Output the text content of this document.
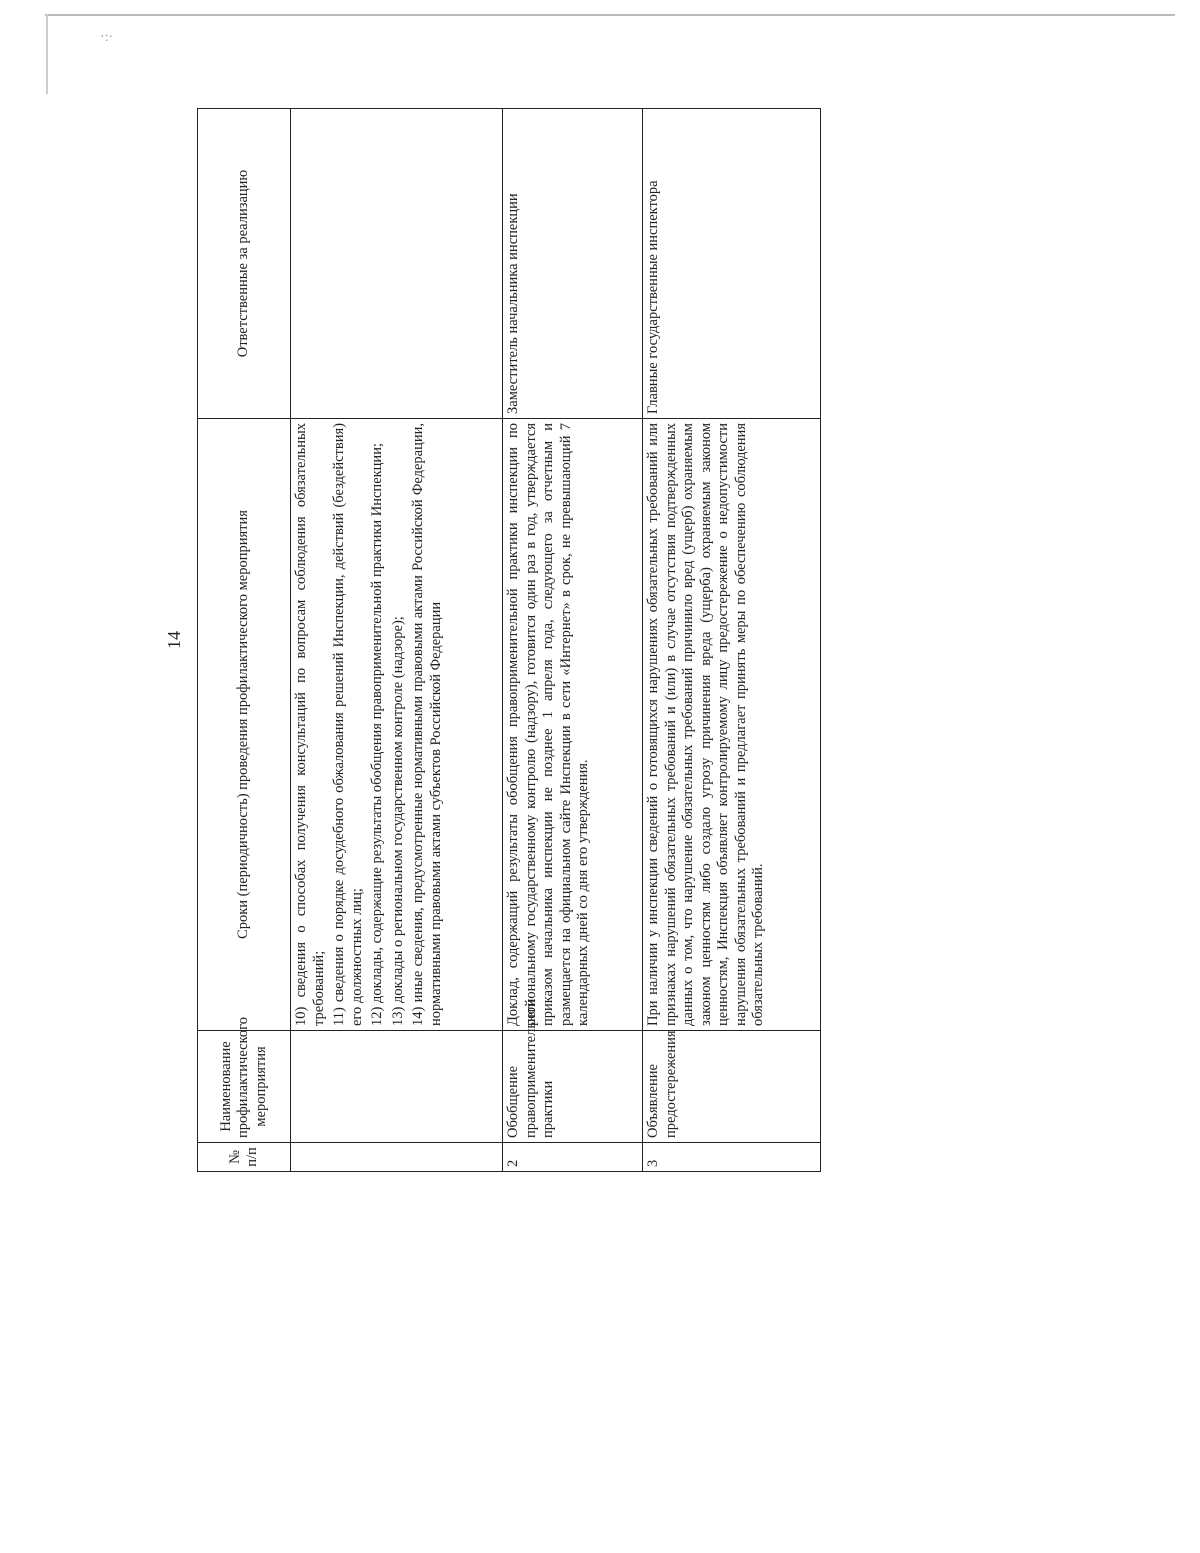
·:·
14
№ п/п	Наименование профилактического мероприятия	Сроки (периодичность) проведения профилактического мероприятия	Ответственные за реализацию

		10) сведения о способах получения консультаций по вопросам соблюдения обязательных требований; 11) сведения о порядке досудебного обжалования решений Инспекции, действий (бездействия) его должностных лиц; 12) доклады, содержащие результаты обобщения правоприменительной практики Инспекции; 13) доклады о региональном государственном контроле (надзоре); 14) иные сведения, предусмотренные нормативными правовыми актами Российской Федерации, нормативными правовыми актами субъектов Российской Федерации	

2	Обобщение правоприменительной практики	Доклад, содержащий результаты обобщения правоприменительной практики инспекции по региональному государственному контролю (надзору), готовится один раз в год, утверждается приказом начальника инспекции не позднее 1 апреля года, следующего за отчетным и размещается на официальном сайте Инспекции в сети «Интернет» в срок, не превышающий 7 календарных дней со дня его утверждения.	Заместитель начальника инспекции
3	Объявление предостережения	При наличии у инспекции сведений о готовящихся нарушениях обязательных требований или признаках нарушений обязательных требований и (или) в случае отсутствия подтвержденных данных о том, что нарушение обязательных требований причинило вред (ущерб) охраняемым законом ценностям либо создало угрозу причинения вреда (ущерба) охраняемым законом ценностям, Инспекция объявляет контролируемому лицу предостережение о недопустимости нарушения обязательных требований и предлагает принять меры по обеспечению соблюдения обязательных требований.	Главные государственные инспектора
